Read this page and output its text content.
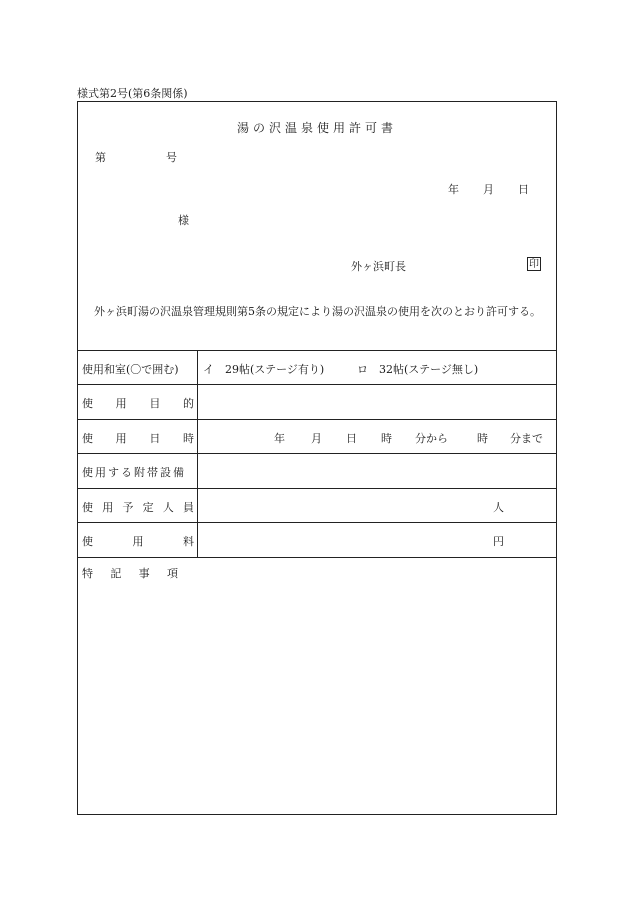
様式第2号(第6条関係)
湯の沢温泉使用許可書
第	号
年 月 日
様
外ヶ浜町長	印
外ヶ浜町湯の沢温泉管理規則第5条の規定により湯の沢温泉の使用を次のとおり許可する。
使用和室(〇で囲む)	イ　29帖(ステージ有り)	ロ　32帖(ステージ無し)
使 用 目 的
使 用 日 時	年 月 日 時 分から	時 分まで
使用する附帯設備
使 用 予 定 人 員	人
使	用	料	円
特 記 事 項
